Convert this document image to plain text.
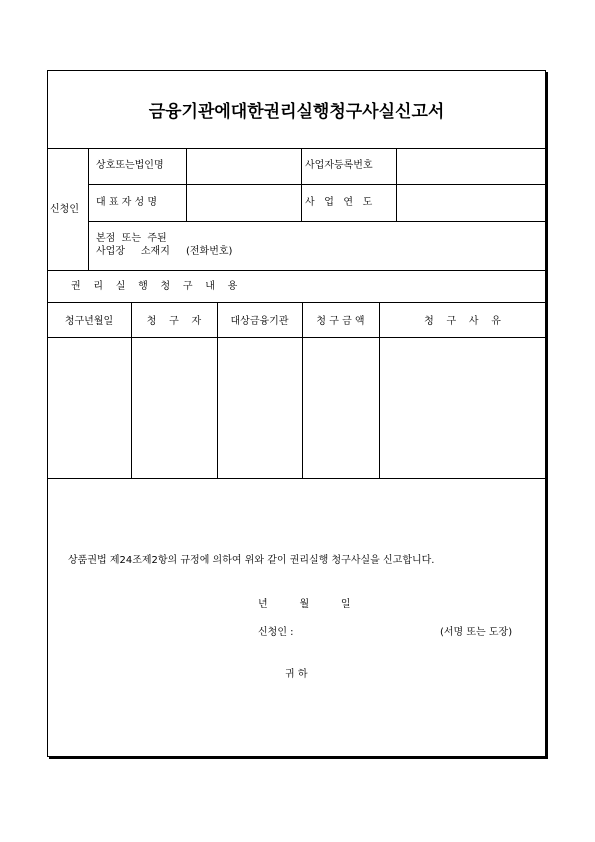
금융기관에대한권리실행청구사실신고서
신청인
상호또는법인명	사업자등록번호
대 표 자 성 명	사   업   연   도
본점  또는  주된
사업장     소재지 (전화번호)
권    리    실    행    청    구    내    용
청구년월일	청    구    자	대상금융기관	청 구 금 액	청    구    사    유
상품권법 제24조제2항의 규정에 의하여 위와 같이 권리실행 청구사실을 신고합니다.
년          월          일
신청인 :	(서명 또는 도장)
귀 하
